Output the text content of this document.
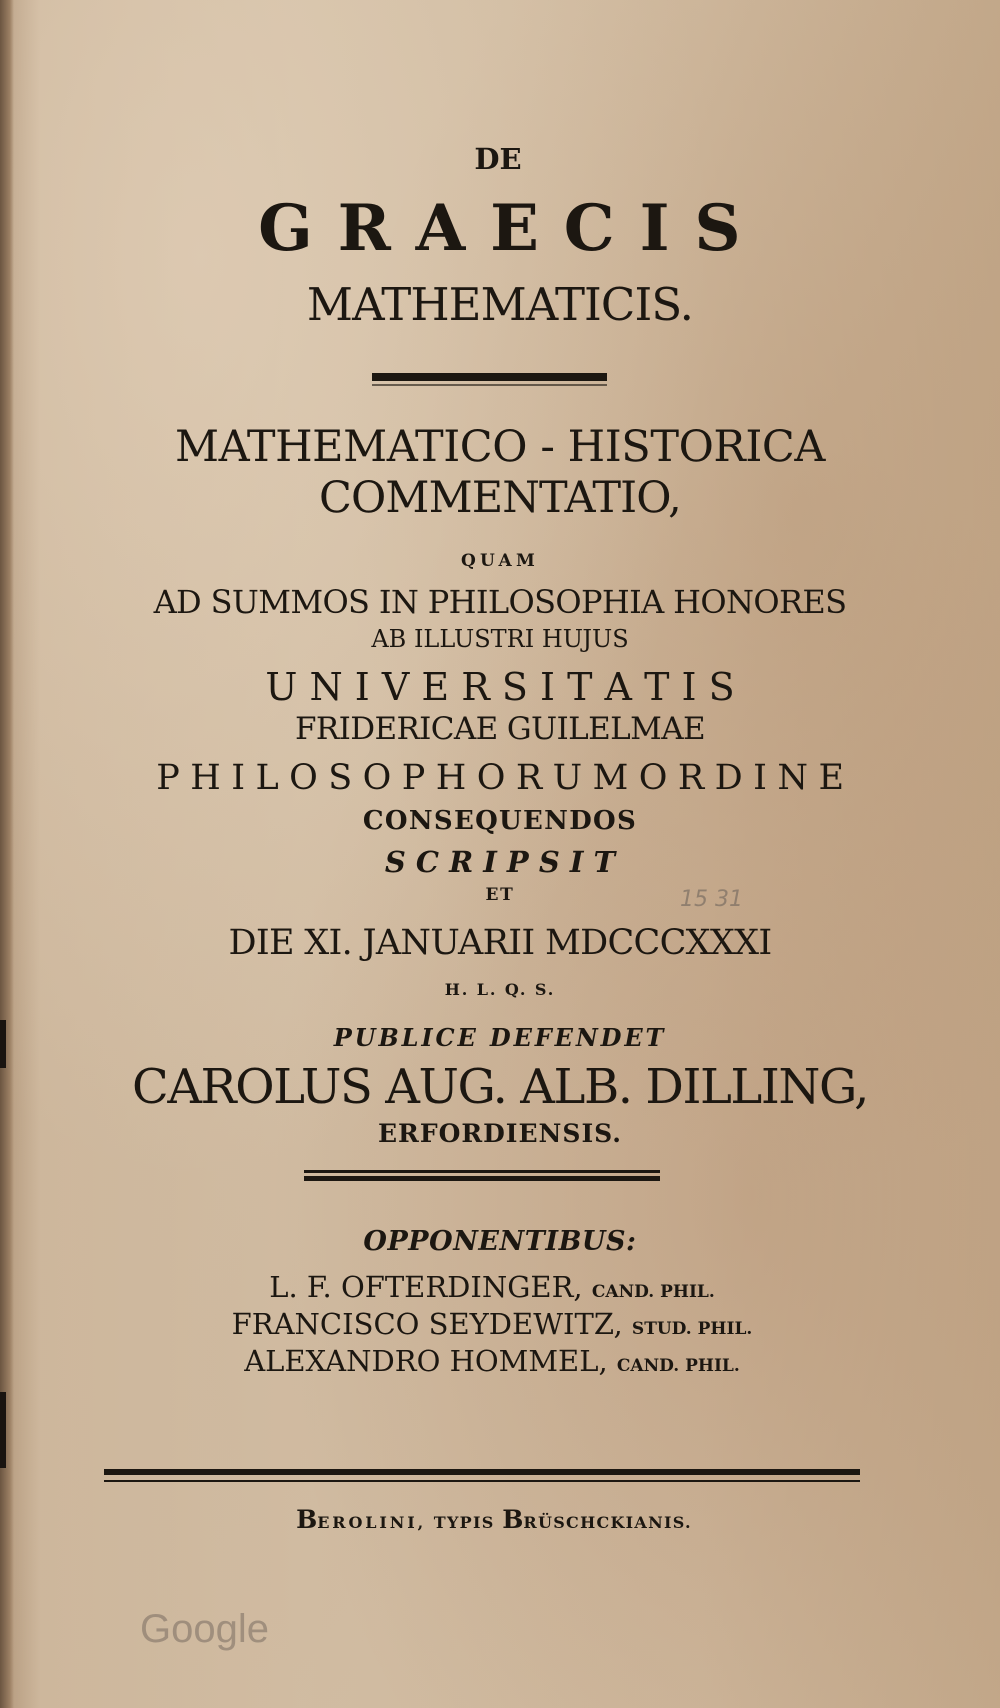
DE
G R A E C I S
MATHEMATICIS.
MATHEMATICO - HISTORICA
COMMENTATIO,
QUAM
AD SUMMOS IN PHILOSOPHIA HONORES
AB ILLUSTRI HUJUS
U N I V E R S I T A T I S
FRIDERICAE GUILELMAE
P H I L O S O P H O R U M O R D I N E
CONSEQUENDOS
S C R I P S I T
ET	15 31
DIE XI. JANUARII MDCCCXXXI
H. L. Q. S.
PUBLICE DEFENDET
CAROLUS AUG. ALB. DILLING,
ERFORDIENSIS.
OPPONENTIBUS:
L. F. OFTERDINGER, CAND. PHIL.
FRANCISCO SEYDEWITZ, STUD. PHIL.
ALEXANDRO HOMMEL, CAND. PHIL.
BEROLINI, TYPIS BRÜSCHCKIANIS.
Google
